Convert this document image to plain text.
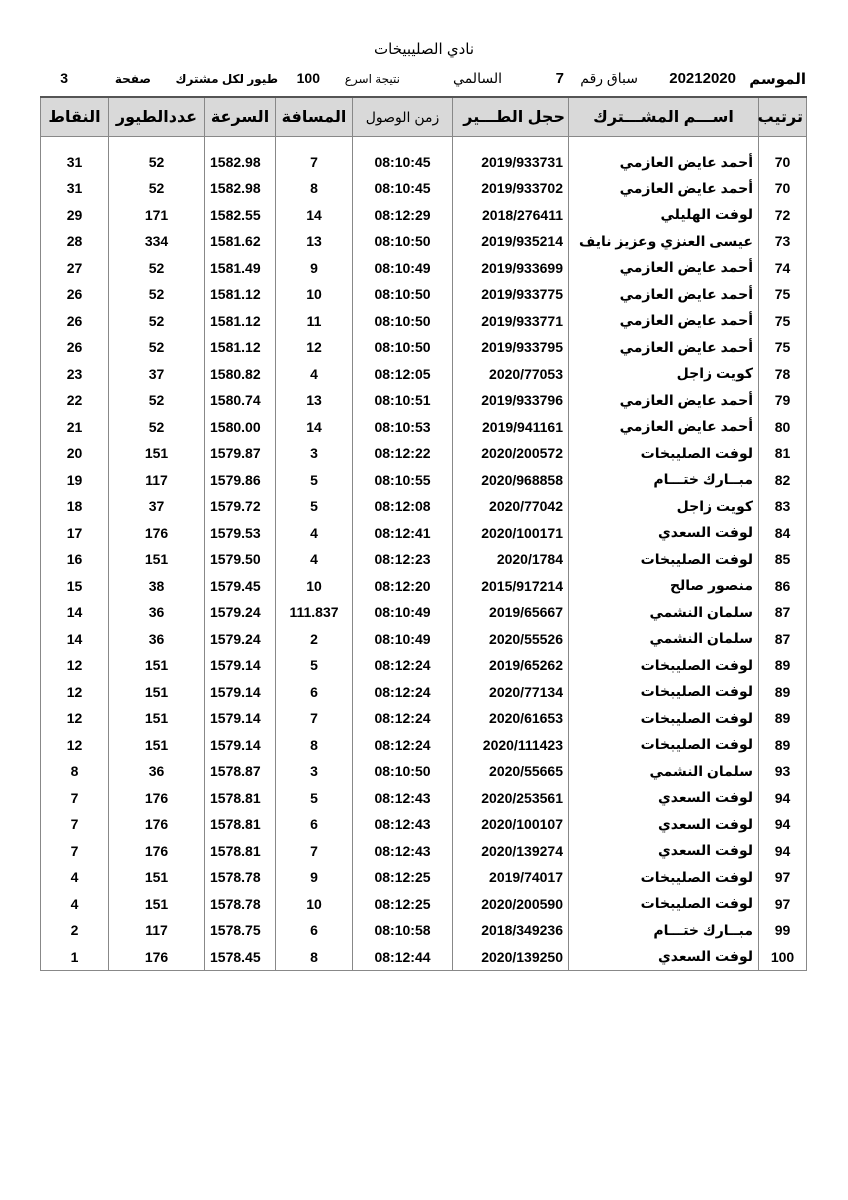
نادي الصليبيخات
الموسم
20212020
سباق رقم
7
السالمي
نتيجة اسرع
100
طيور لكل مشترك
صفحة
3
ترتيب	اســـم المشـــترك	حجل الطـــير	زمن الوصول	المسافة	السرعة	عددالطيور	النقاط
70	أحمد عايض العازمي	2019/933731	08:10:45	7	1582.98	52	31
70	أحمد عايض العازمي	2019/933702	08:10:45	8	1582.98	52	31
72	لوفت الهليلي	2018/276411	08:12:29	14	1582.55	171	29
73	عيسى العنزي وعزيز نايف	2019/935214	08:10:50	13	1581.62	334	28
74	أحمد عايض العازمي	2019/933699	08:10:49	9	1581.49	52	27
75	أحمد عايض العازمي	2019/933775	08:10:50	10	1581.12	52	26
75	أحمد عايض العازمي	2019/933771	08:10:50	11	1581.12	52	26
75	أحمد عايض العازمي	2019/933795	08:10:50	12	1581.12	52	26
78	كويت زاجل	2020/77053	08:12:05	4	1580.82	37	23
79	أحمد عايض العازمي	2019/933796	08:10:51	13	1580.74	52	22
80	أحمد عايض العازمي	2019/941161	08:10:53	14	1580.00	52	21
81	لوفت الصليبخات	2020/200572	08:12:22	3	1579.87	151	20
82	مبــارك ختـــام	2020/968858	08:10:55	5	1579.86	117	19
83	كويت زاجل	2020/77042	08:12:08	5	1579.72	37	18
84	لوفت السعدي	2020/100171	08:12:41	4	1579.53	176	17
85	لوفت الصليبخات	2020/1784	08:12:23	4	1579.50	151	16
86	منصور صالح	2015/917214	08:12:20	10	1579.45	38	15
87	سلمان النشمي	2019/65667	08:10:49	111.837	1579.24	36	14
87	سلمان النشمي	2020/55526	08:10:49	2	1579.24	36	14
89	لوفت الصليبخات	2019/65262	08:12:24	5	1579.14	151	12
89	لوفت الصليبخات	2020/77134	08:12:24	6	1579.14	151	12
89	لوفت الصليبخات	2020/61653	08:12:24	7	1579.14	151	12
89	لوفت الصليبخات	2020/111423	08:12:24	8	1579.14	151	12
93	سلمان النشمي	2020/55665	08:10:50	3	1578.87	36	8
94	لوفت السعدي	2020/253561	08:12:43	5	1578.81	176	7
94	لوفت السعدي	2020/100107	08:12:43	6	1578.81	176	7
94	لوفت السعدي	2020/139274	08:12:43	7	1578.81	176	7
97	لوفت الصليبخات	2019/74017	08:12:25	9	1578.78	151	4
97	لوفت الصليبخات	2020/200590	08:12:25	10	1578.78	151	4
99	مبــارك ختـــام	2018/349236	08:10:58	6	1578.75	117	2
100	لوفت السعدي	2020/139250	08:12:44	8	1578.45	176	1
